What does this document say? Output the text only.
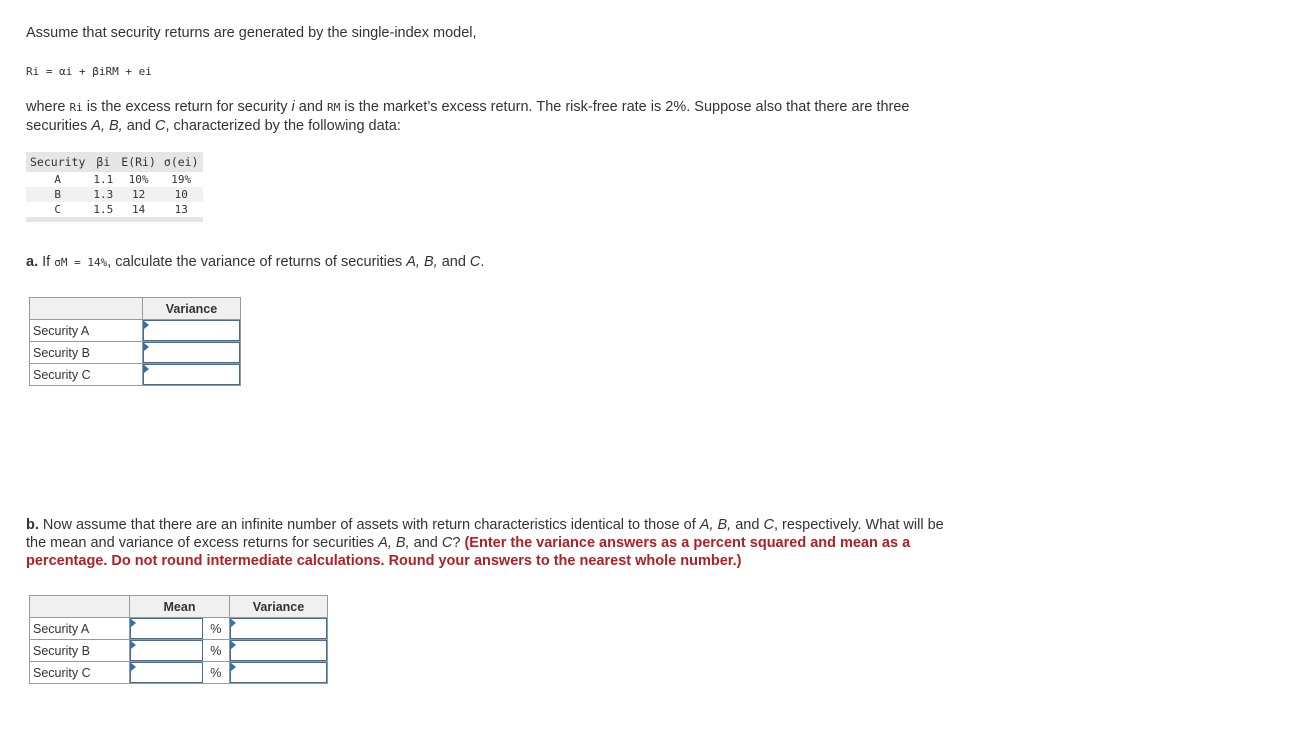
Assume that security returns are generated by the single-index model,

Ri = αi + βiRM + ei

where Ri is the excess return for security i and RM is the market’s excess return. The risk-free rate is 2%. Suppose also that there are three securities A, B, and C, characterized by the following data:

Security	βi	E(Ri)	σ(ei)
A	1.1	10%	19%
B	1.3	12	10
C	1.5	14	13

a. If σM = 14%, calculate the variance of returns of securities A, B, and C.

	Variance
Security A	

Security B	

Security C	

b. Now assume that there are an infinite number of assets with return characteristics identical to those of A, B, and C, respectively. What will be the mean and variance of excess returns for securities A, B, and C? (Enter the variance answers as a percent squared and mean as a percentage. Do not round intermediate calculations. Round your answers to the nearest whole number.)

	Mean		Variance
Security A		%	

Security B		%	

Security C		%	
